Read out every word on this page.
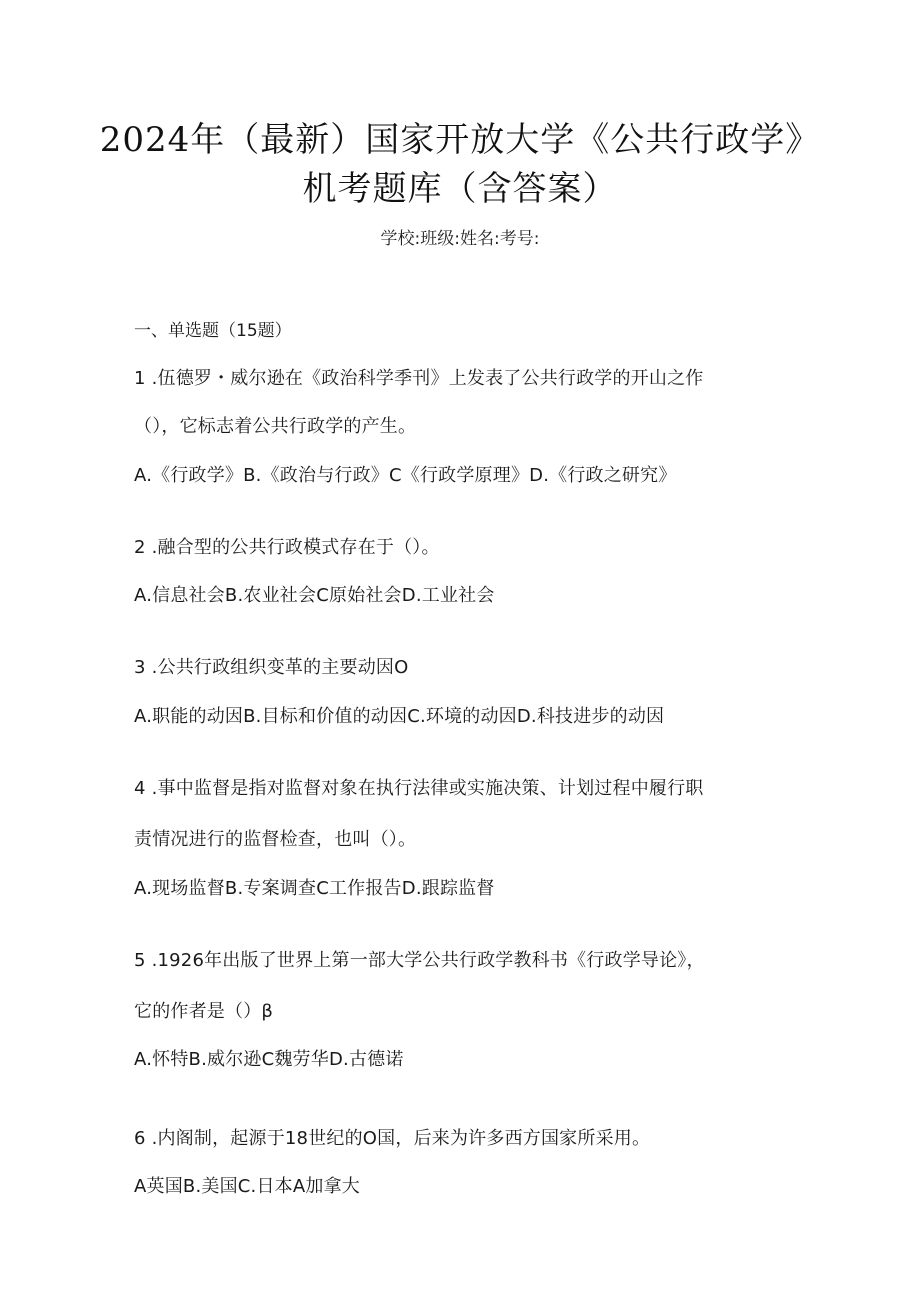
2024年（最新）国家开放大学《公共行政学》
机考题库（含答案）
学校:班级:姓名:考号:
一、单选题（15题）
1 .伍德罗・威尔逊在《政治科学季刊》上发表了公共行政学的开山之作
（），它标志着公共行政学的产生。
A.《行政学》B.《政治与行政》C《行政学原理》D.《行政之研究》
2 .融合型的公共行政模式存在于（）。
A.信息社会B.农业社会C原始社会D.工业社会
3 .公共行政组织变革的主要动因O
A.职能的动因B.目标和价值的动因C.环境的动因D.科技进步的动因
4 .事中监督是指对监督对象在执行法律或实施决策、计划过程中履行职
责情况进行的监督检查，也叫（）。
A.现场监督B.专案调查C工作报告D.跟踪监督
5 .1926年出版了世界上第一部大学公共行政学教科书《行政学导论》，
它的作者是（）β
A.怀特B.威尔逊C魏劳华D.古德诺
6 .内阁制，起源于18世纪的O国，后来为许多西方国家所采用。
A英国B.美国C.日本A加拿大
